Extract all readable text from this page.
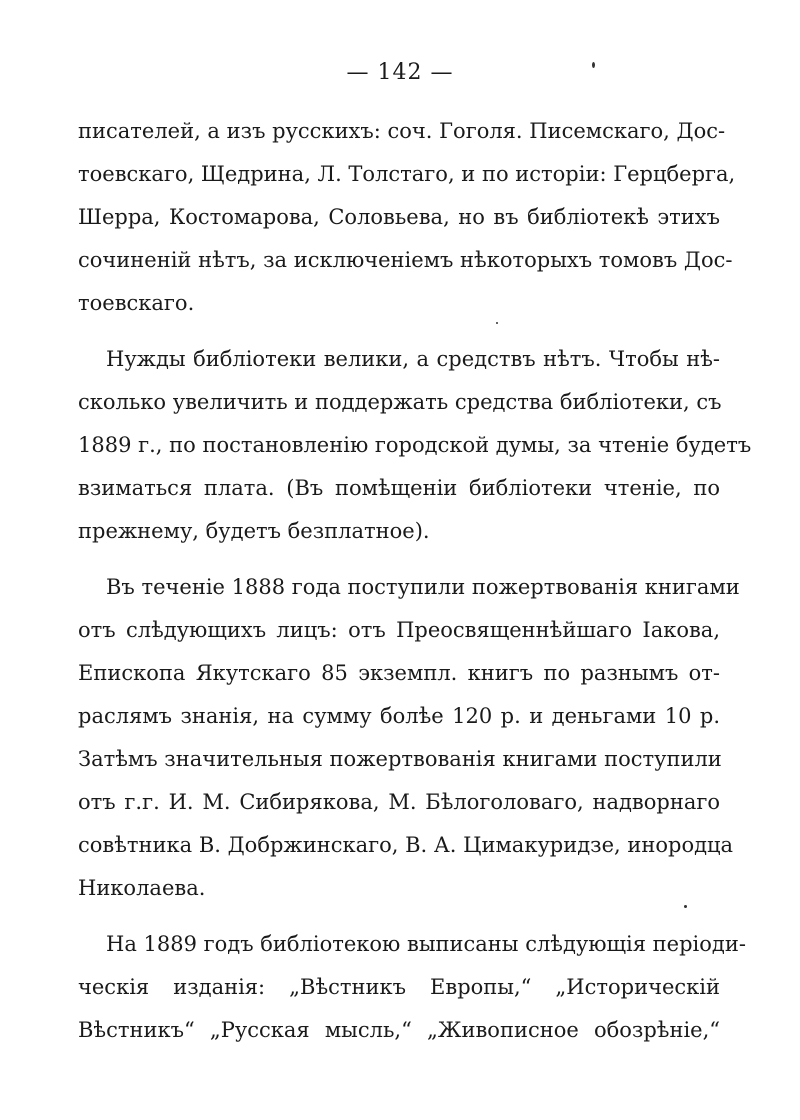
— 142 —
писателей, а изъ русскихъ: соч. Гоголя. Писемскаго, Дос-
тоевскаго, Щедрина, Л. Толстаго, и по исторіи: Герцберга,
Шерра, Костомарова, Соловьева, но въ библіотекѣ этихъ
сочиненій нѣтъ, за исключеніемъ нѣкоторыхъ томовъ Дос-
тоевскаго.
Нужды библіотеки велики, а средствъ нѣтъ. Чтобы нѣ-
сколько увеличить и поддержать средства библіотеки, съ
1889 г., по постановленію городской думы, за чтеніе будетъ
взиматься плата. (Въ помѣщеніи библіотеки чтеніе, по
прежнему, будетъ безплатное).
Въ теченіе 1888 года поступили пожертвованія книгами
отъ слѣдующихъ лицъ: отъ Преосвященнѣйшаго Іакова,
Епископа Якутскаго 85 экземпл. книгъ по разнымъ от-
раслямъ знанія, на сумму болѣе 120 р. и деньгами 10 р.
Затѣмъ значительныя пожертвованія книгами поступили
отъ г.г. И. М. Сибирякова, М. Бѣлоголоваго, надворнаго
совѣтника В. Добржинскаго, В. А. Цимакуридзе, инородца
Николаева.
На 1889 годъ библіотекою выписаны слѣдующія періоди-
ческія изданія: „Вѣстникъ Европы,“ „Историческій
Вѣстникъ“ „Русская мысль,“ „Живописное обозрѣніе,“
